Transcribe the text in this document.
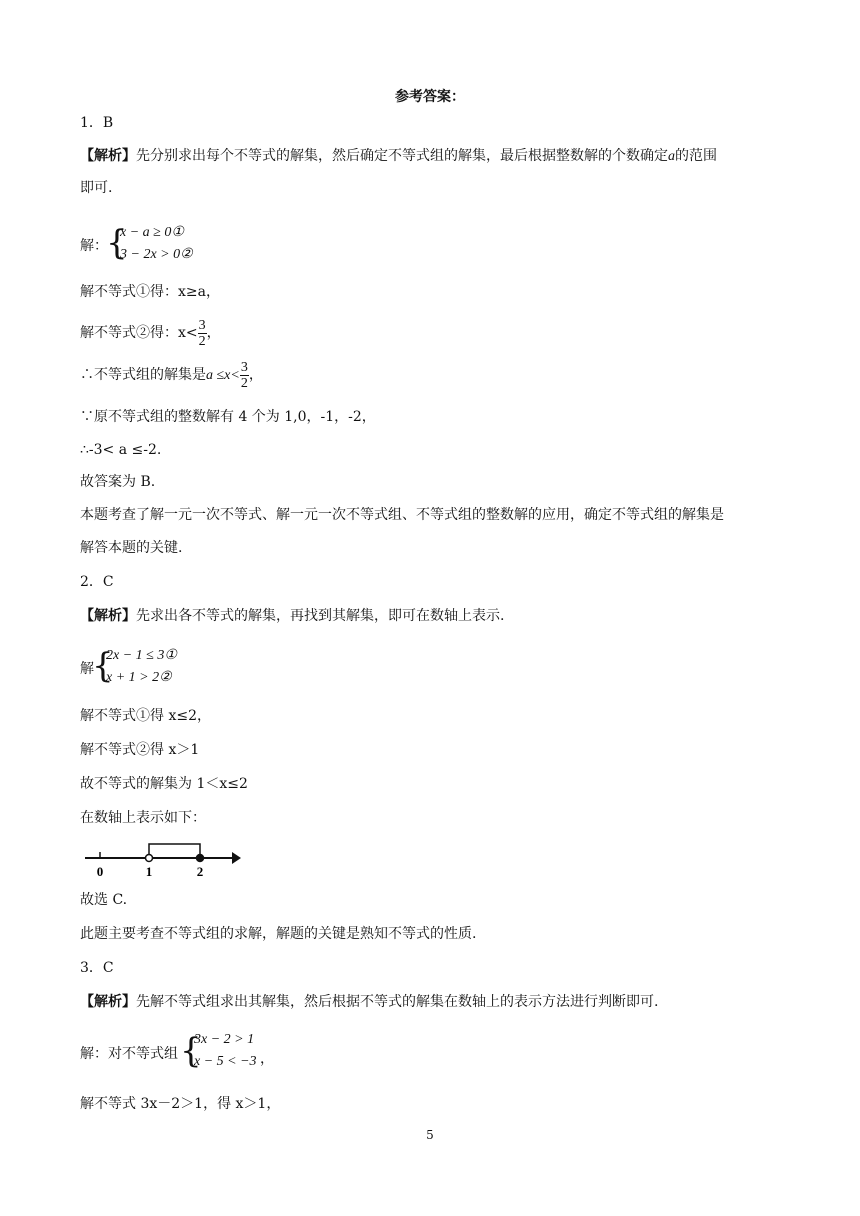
参考答案：
1．B
【解析】先分别求出每个不等式的解集，然后确定不等式组的解集，最后根据整数解的个数确定a的范围
即可.
解：
{
x − a ≥ 0①
3 − 2x > 0②
解不等式①得：x≥a，
解不等式②得：$x< \frac{3}{2}$ ，
∴不等式组的解集是$a \le x< \frac{3}{2}$ ，
∵原不等式组的整数解有 4 个为 1,0，-1，-2，
∴-3< a ≤-2.
故答案为 B.
本题考查了解一元一次不等式、解一元一次不等式组、不等式组的整数解的应用，确定不等式组的解集是
解答本题的关键.
2．C
【解析】先求出各不等式的解集，再找到其解集，即可在数轴上表示.
解
{
2x − 1 ≤ 3①
x + 1 > 2②
解不等式①得 x≤2，
解不等式②得 x＞1
故不等式的解集为 1＜x≤2
在数轴上表示如下：
0	1	2
故选 C.
此题主要考查不等式组的求解，解题的关键是熟知不等式的性质.
3．C
【解析】先解不等式组求出其解集，然后根据不等式的解集在数轴上的表示方法进行判断即可.
解：对不等式组 {
3x − 2 > 1
x − 5 < −3 ，
解不等式 3x－2＞1，得 x＞1，
5
